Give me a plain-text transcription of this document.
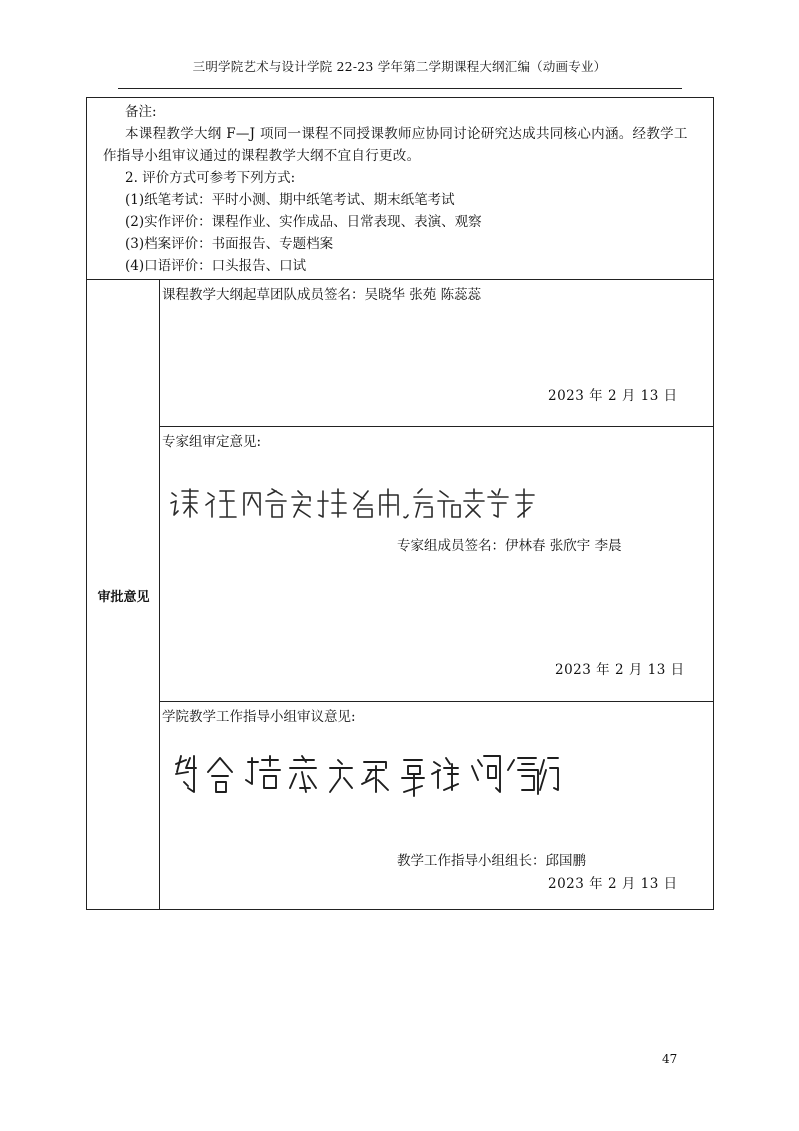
三明学院艺术与设计学院 22-23 学年第二学期课程大纲汇编（动画专业）

备注:

本课程教学大纲 F—J 项同一课程不同授课教师应协同讨论研究达成共同核心内涵。经教学工作指导小组审议通过的课程教学大纲不宜自行更改。

2. 评价方式可参考下列方式:

(1)纸笔考试：平时小测、期中纸笔考试、期末纸笔考试

(2)实作评价：课程作业、实作成品、日常表现、表演、观察

(3)档案评价：书面报告、专题档案

(4)口语评价：口头报告、口试

审批意见
课程教学大纲起草团队成员签名：吴晓华 张苑 陈蕊蕊
2023 年 2 月 13 日
专家组审定意见:
专家组成员签名：伊林春 张欣宇 李晨
2023 年 2 月 13 日
学院教学工作指导小组审议意见:
教学工作指导小组组长：邱国鹏
2023 年 2 月 13 日
47
